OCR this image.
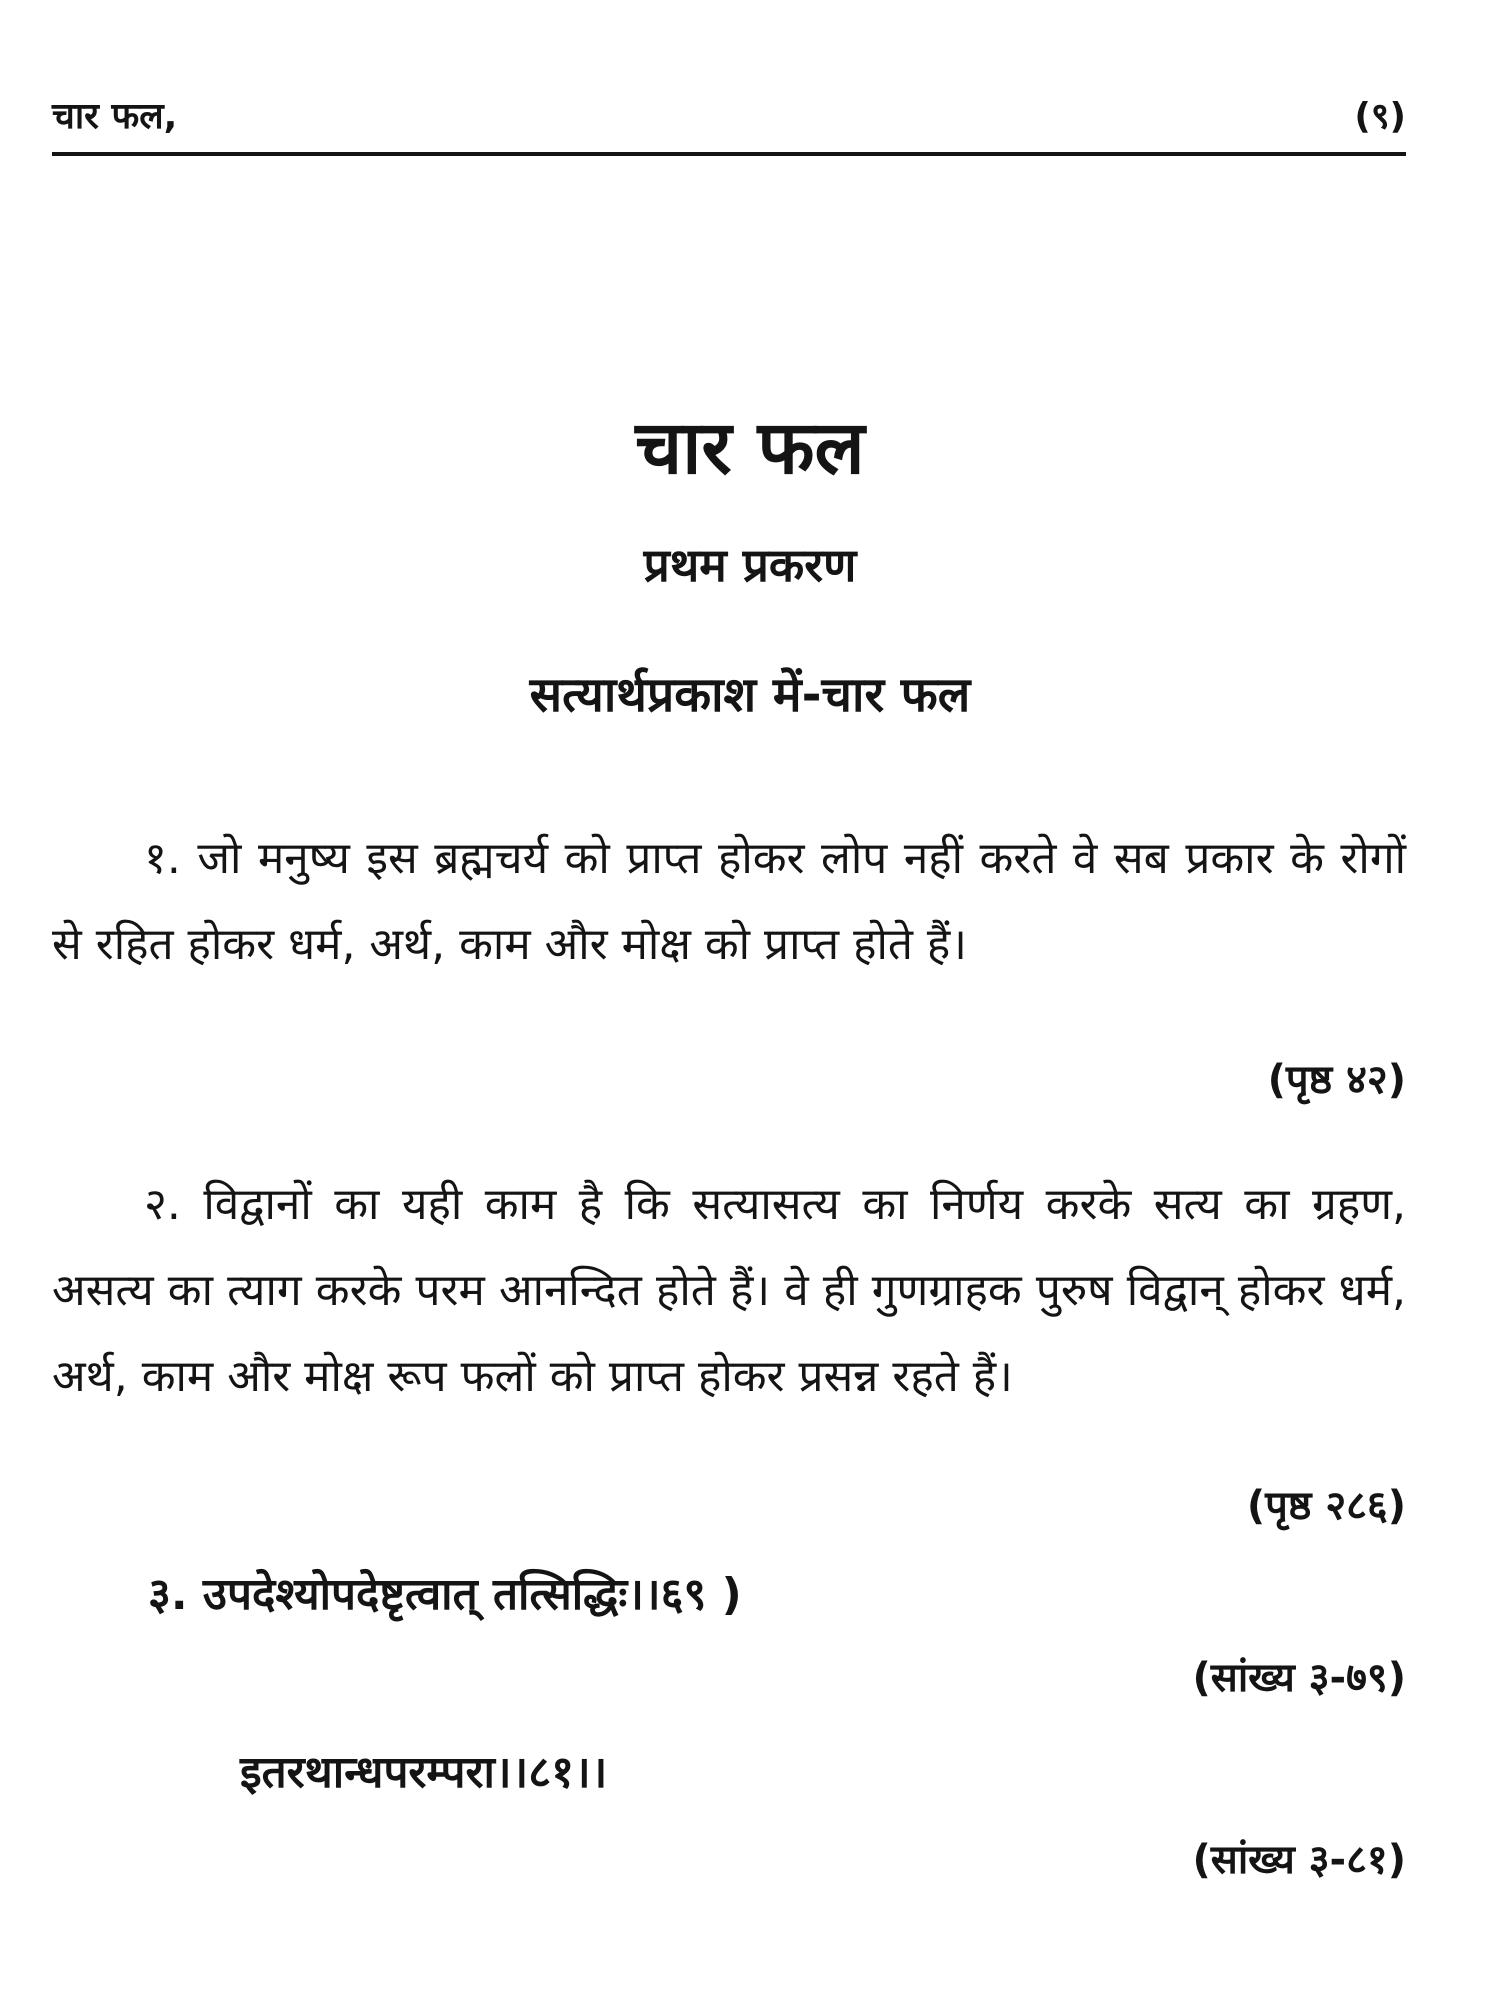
चार फल,	(९)
चार फल
प्रथम प्रकरण
सत्यार्थप्रकाश में-चार फल

१. जो मनुष्य इस ब्रह्मचर्य को प्राप्त होकर लोप नहीं करते वे सब प्रकार के रोगों से रहित होकर धर्म, अर्थ, काम और मोक्ष को प्राप्त होते हैं।

(पृष्ठ ४२)

२. विद्वानों का यही काम है कि सत्यासत्य का निर्णय करके सत्य का ग्रहण, असत्य का त्याग करके परम आनन्दित होते हैं। वे ही गुणग्राहक पुरुष विद्वान् होकर धर्म, अर्थ, काम और मोक्ष रूप फलों को प्राप्त होकर प्रसन्न रहते हैं।

(पृष्ठ २८६)
३. उपदेश्योपदेष्टृत्वात् तत्सिद्धिः।।६९ )
(सांख्य ३-७९)
इतरथान्धपरम्परा।।८१।।
(सांख्य ३-८१)
